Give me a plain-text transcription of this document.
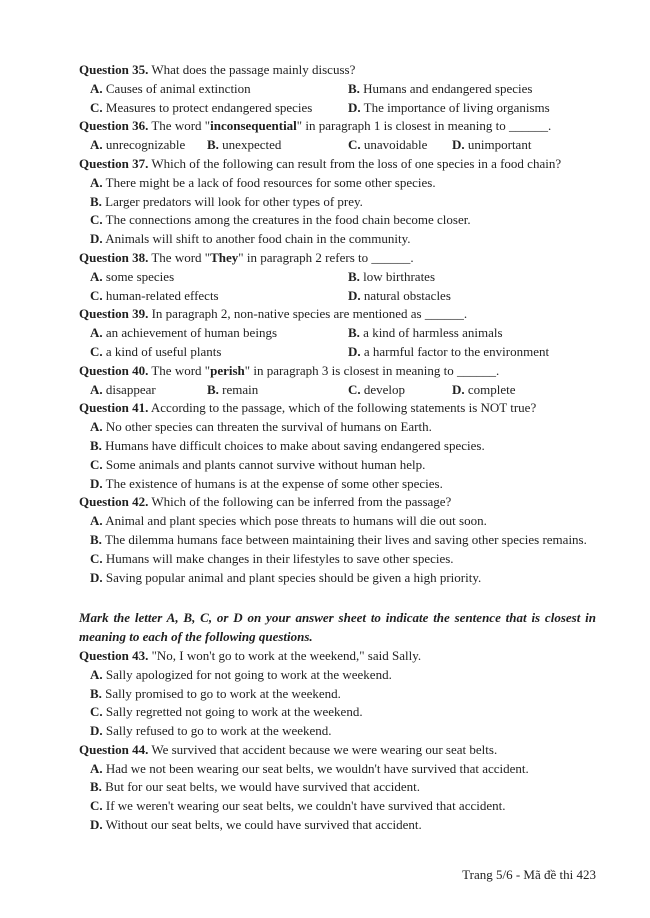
Question 35. What does the passage mainly discuss?

A. Causes of animal extinction	B. Humans and endangered species
C. Measures to protect endangered species	D. The importance of living organisms

Question 36. The word "inconsequential" in paragraph 1 is closest in meaning to ______.

A. unrecognizable	B. unexpected	C. unavoidable	D. unimportant

Question 37. Which of the following can result from the loss of one species in a food chain?

A. There might be a lack of food resources for some other species.
B. Larger predators will look for other types of prey.
C. The connections among the creatures in the food chain become closer.
D. Animals will shift to another food chain in the community.

Question 38. The word "They" in paragraph 2 refers to ______.

A. some species	B. low birthrates
C. human-related effects	D. natural obstacles

Question 39. In paragraph 2, non-native species are mentioned as ______.

A. an achievement of human beings	B. a kind of harmless animals
C. a kind of useful plants	D. a harmful factor to the environment

Question 40. The word "perish" in paragraph 3 is closest in meaning to ______.

A. disappear	B. remain	C. develop	D. complete

Question 41. According to the passage, which of the following statements is NOT true?

A. No other species can threaten the survival of humans on Earth.
B. Humans have difficult choices to make about saving endangered species.
C. Some animals and plants cannot survive without human help.
D. The existence of humans is at the expense of some other species.

Question 42. Which of the following can be inferred from the passage?

A. Animal and plant species which pose threats to humans will die out soon.
B. The dilemma humans face between maintaining their lives and saving other species remains.
C. Humans will make changes in their lifestyles to save other species.
D. Saving popular animal and plant species should be given a high priority.
Mark the letter A, B, C, or D on your answer sheet to indicate the sentence that is closest in
meaning to each of the following questions.

Question 43. "No, I won't go to work at the weekend," said Sally.

A. Sally apologized for not going to work at the weekend.
B. Sally promised to go to work at the weekend.
C. Sally regretted not going to work at the weekend.
D. Sally refused to go to work at the weekend.

Question 44. We survived that accident because we were wearing our seat belts.

A. Had we not been wearing our seat belts, we wouldn't have survived that accident.
B. But for our seat belts, we would have survived that accident.
C. If we weren't wearing our seat belts, we couldn't have survived that accident.
D. Without our seat belts, we could have survived that accident.
Trang 5/6 - Mã đề thi 423
